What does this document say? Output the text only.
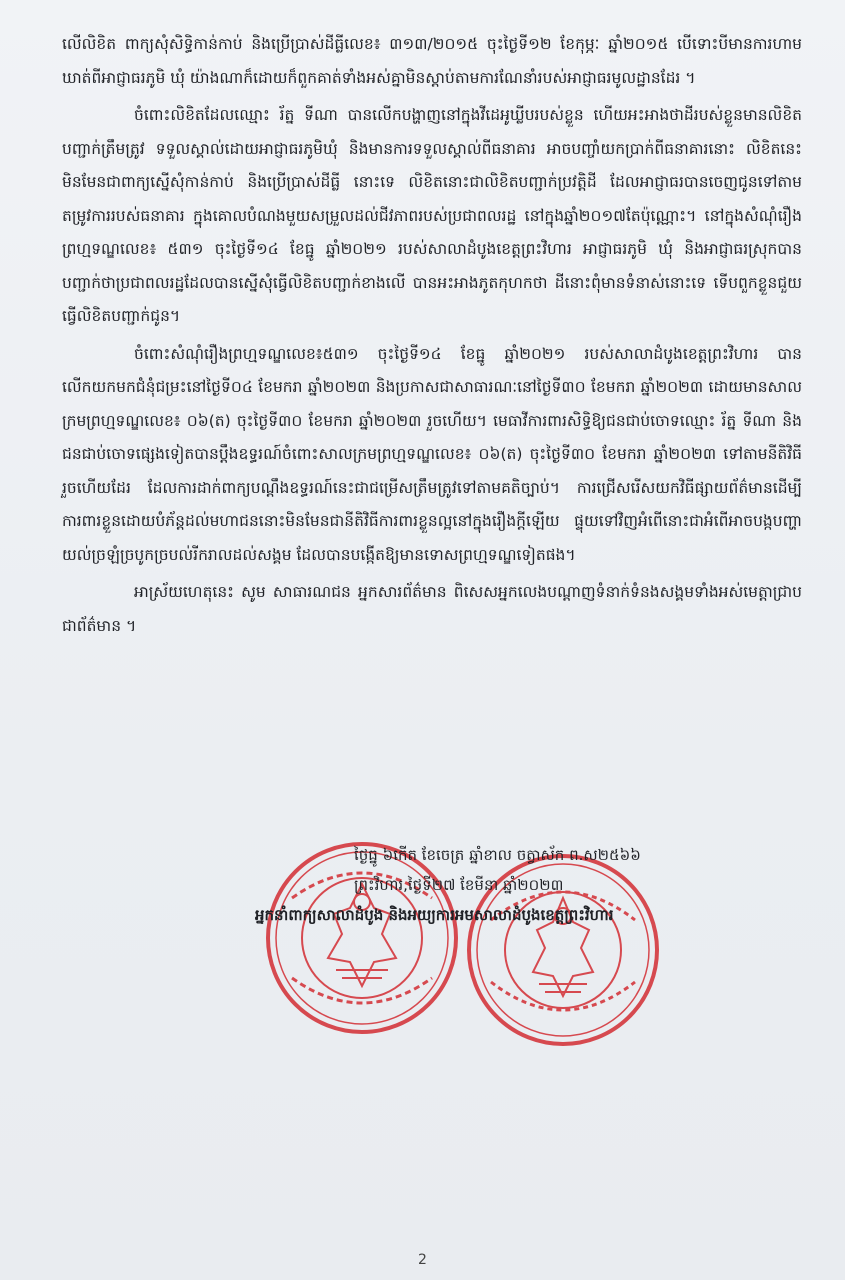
លើលិខិត ពាក្យសុំសិទ្ធិកាន់កាប់ និងប្រើប្រាស់ដីធ្លីលេខ៖ ៣១៣/២០១៥ ចុះថ្ងៃទី១២ ខែកុម្ភៈ ឆ្នាំ២០១៥ បើទោះបីមានការហាមឃាត់ពីអាជ្ញាធរភូមិ ឃុំ យ៉ាងណាក៏ដោយក៏ពួកគាត់ទាំងអស់គ្នាមិនស្ដាប់តាមការណែនាំរបស់អាជ្ញាធរមូលដ្ឋានដែរ ។

ចំពោះលិខិតដែលឈ្មោះ រ័ត្ន ទីណា បានលើកបង្ហាញនៅក្នុងវីដេអូឃ្លីបរបស់ខ្លួន ហើយអះអាងថាដីរបស់ខ្លួនមានលិខិតបញ្ជាក់ត្រឹមត្រូវ ទទួលស្គាល់ដោយអាជ្ញាធរភូមិឃុំ និងមានការទទួលស្គាល់ពីធនាគារ អាចបញ្ចាំយកប្រាក់ពីធនាគារនោះ លិខិតនេះមិនមែនជាពាក្យស្នើសុំកាន់កាប់ និងប្រើប្រាស់ដីធ្លី នោះទេ លិខិតនោះជាលិខិតបញ្ជាក់ប្រវត្តិដី ដែលអាជ្ញាធរបានចេញជូនទៅតាមតម្រូវការរបស់ធនាគារ ក្នុងគោលបំណងមួយសម្រួលដល់ជីវភាពរបស់ប្រជាពលរដ្ឋ នៅក្នុងឆ្នាំ២០១៧តែប៉ុណ្ណោះ។ នៅក្នុងសំណុំរឿងព្រហ្មទណ្ឌលេខ៖ ៥៣១ ចុះថ្ងៃទី១៤ ខែធ្នូ ឆ្នាំ២០២១ របស់សាលាដំបូងខេត្តព្រះវិហារ អាជ្ញាធរភូមិ ឃុំ និងអាជ្ញាធរស្រុកបានបញ្ជាក់ថាប្រជាពលរដ្ឋដែលបានស្នើសុំធ្វើលិខិតបញ្ជាក់ខាងលើ បានអះអាងភូតកុហកថា ដីនោះពុំមានទំនាស់នោះទេ ទើបពួកខ្លួនជួយធ្វើលិខិតបញ្ជាក់ជូន។

ចំពោះសំណុំរឿងព្រហ្មទណ្ឌលេខ៖៥៣១ ចុះថ្ងៃទី១៤ ខែធ្នូ ឆ្នាំ២០២១ របស់សាលាដំបូងខេត្តព្រះវិហារ បានលើកយកមកជំនុំជម្រះនៅថ្ងៃទី០៤ ខែមករា ឆ្នាំ២០២៣ និងប្រកាសជាសាធារណៈនៅថ្ងៃទី៣០ ខែមករា ឆ្នាំ២០២៣ ដោយមានសាលក្រមព្រហ្មទណ្ឌលេខ៖ ០៦(ត) ចុះថ្ងៃទី៣០ ខែមករា ឆ្នាំ២០២៣ រួចហើយ។ មេធាវីការពារសិទ្ធិឱ្យជនជាប់ចោទឈ្មោះ រ័ត្ន ទីណា និងជនជាប់ចោទផ្សេងទៀតបានប្ដឹងឧទ្ធរណ៍ចំពោះសាលក្រមព្រហ្មទណ្ឌលេខ៖ ០៦(ត) ចុះថ្ងៃទី៣០ ខែមករា ឆ្នាំ២០២៣ ទៅតាមនីតិវិធីរួចហើយដែរ ដែលការដាក់ពាក្យបណ្ដឹងឧទ្ធរណ៍នេះជាជម្រើសត្រឹមត្រូវទៅតាមគតិច្បាប់។ ការជ្រើសរើសយកវិធីផ្សាយព័ត៌មានដើម្បីការពារខ្លួនដោយបំភ័ន្តដល់មហាជននោះមិនមែនជានីតិវិធីការពារខ្លួនល្អនៅក្នុងរឿងក្ដីឡើយ ផ្ទុយទៅវិញអំពើនោះជាអំពើអាចបង្កបញ្ហាយល់ច្រឡំច្របូកច្របល់រីករាលដល់សង្គម ដែលបានបង្កើតឱ្យមានទោសព្រហ្មទណ្ឌទៀតផង។

អាស្រ័យហេតុនេះ សូម សាធារណជន អ្នកសារព័ត៌មាន ពិសេសអ្នកលេងបណ្ដាញទំនាក់ទំនងសង្គមទាំងអស់មេត្តាជ្រាបជាព័ត៌មាន ។

ថ្ងៃធ្នូ ៦កើត ខែចេត្រ ឆ្នាំខាល ចត្វាស័ក ព.ស២៥៦៦
ព្រះវិហារ,ថ្ងៃទី២៧ ខែមីនា ឆ្នាំ២០២៣
អ្នកនាំពាក្យសាលាដំបូង និងអយ្យការអមសាលាដំបូងខេត្តព្រះវិហារ
2
